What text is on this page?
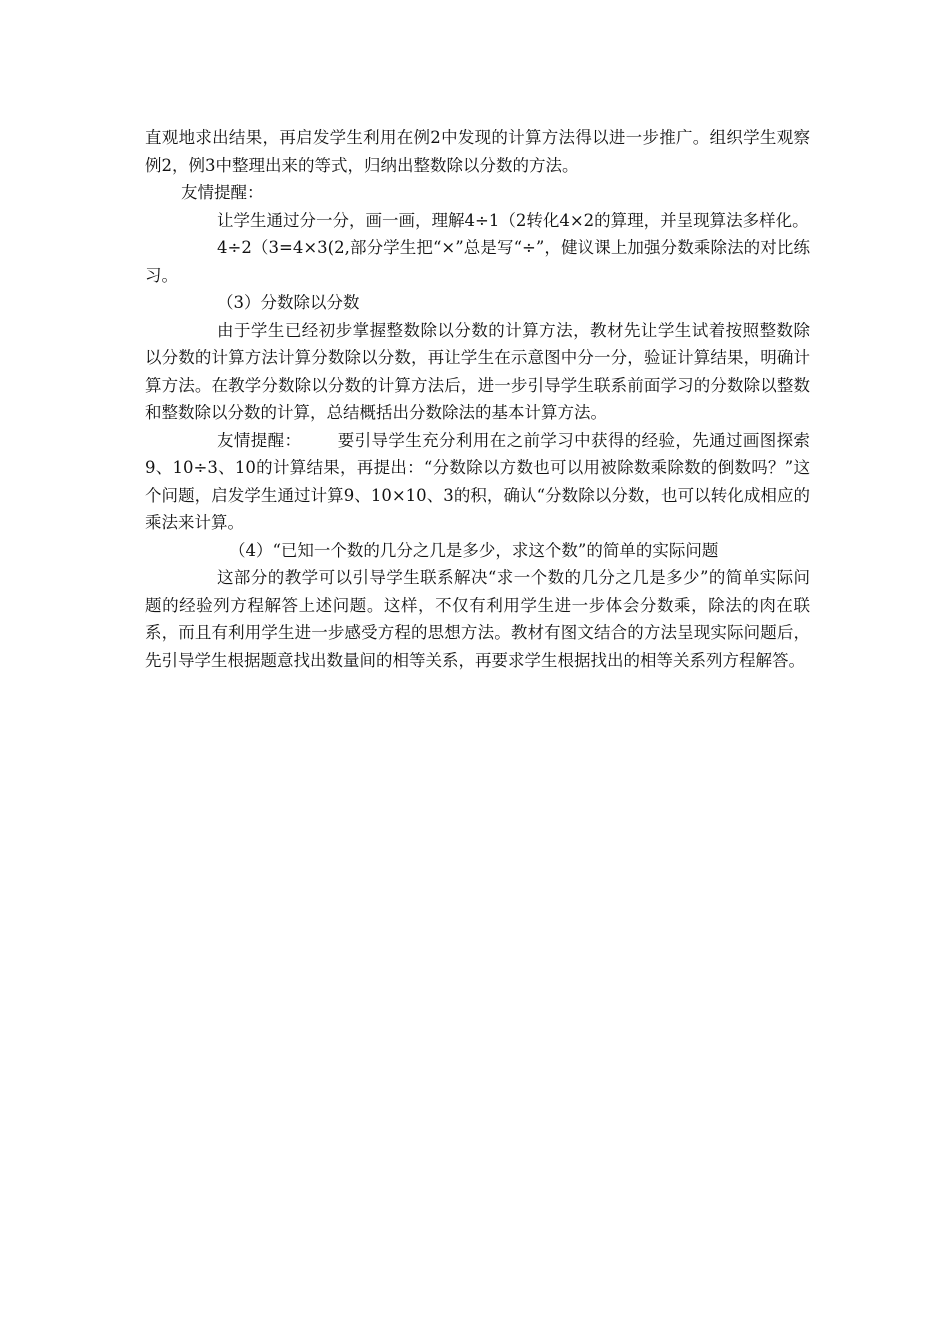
直观地求出结果，再启发学生利用在例2中发现的计算方法得以进一步推广。组织学生观察例2，例3中整理出来的等式，归纳出整数除以分数的方法。

友情提醒：

让学生通过分一分，画一画，理解4÷1（2转化4×2的算理，并呈现算法多样化。

4÷2（3=4×3(2,部分学生把“×”总是写“÷”，健议课上加强分数乘除法的对比练习。

（3）分数除以分数

由于学生已经初步掌握整数除以分数的计算方法，教材先让学生试着按照整数除以分数的计算方法计算分数除以分数，再让学生在示意图中分一分，验证计算结果，明确计算方法。在教学分数除以分数的计算方法后，进一步引导学生联系前面学习的分数除以整数和整数除以分数的计算，总结概括出分数除法的基本计算方法。

友情提醒： 要引导学生充分利用在之前学习中获得的经验，先通过画图探索9、10÷3、10的计算结果，再提出：“分数除以方数也可以用被除数乘除数的倒数吗？”这个问题，启发学生通过计算9、10×10、3的积，确认“分数除以分数，也可以转化成相应的乘法来计算。

（4）“已知一个数的几分之几是多少，求这个数”的简单的实际问题

这部分的教学可以引导学生联系解决“求一个数的几分之几是多少”的简单实际问题的经验列方程解答上述问题。这样，不仅有利用学生进一步体会分数乘，除法的肉在联系，而且有利用学生进一步感受方程的思想方法。教材有图文结合的方法呈现实际问题后，先引导学生根据题意找出数量间的相等关系，再要求学生根据找出的相等关系列方程解答。
